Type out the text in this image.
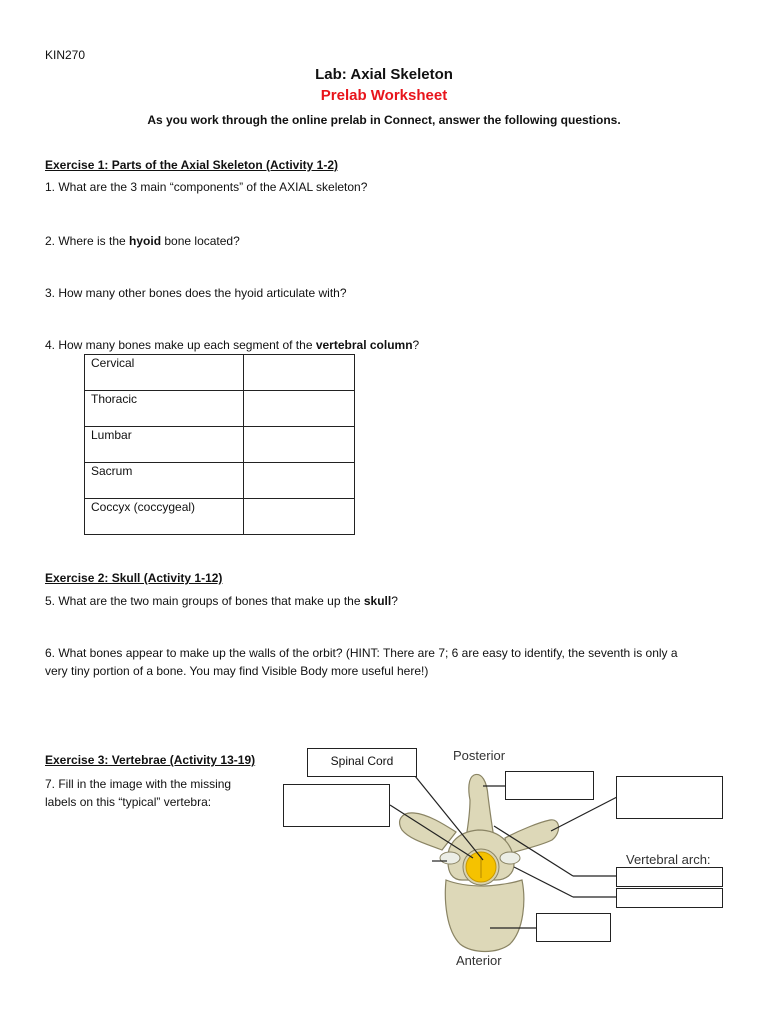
KIN270
Lab: Axial Skeleton
Prelab Worksheet
As you work through the online prelab in Connect, answer the following questions.
Exercise 1: Parts of the Axial Skeleton (Activity 1-2)
1. What are the 3 main “components” of the AXIAL skeleton?
2. Where is the hyoid bone located?
3. How many other bones does the hyoid articulate with?
4. How many bones make up each segment of the vertebral column?
Cervical	
Thoracic	
Lumbar	
Sacrum	
Coccyx (coccygeal)	
Exercise 2: Skull (Activity 1-12)
5. What are the two main groups of bones that make up the skull?
6. What bones appear to make up the walls of the orbit? (HINT: There are 7; 6 are easy to identify, the seventh is only a
very tiny portion of a bone. You may find Visible Body more useful here!)
Exercise 3: Vertebrae (Activity 13-19)
7. Fill in the image with the missing
labels on this “typical” vertebra:
Spinal Cord	Posterior
Vertebral arch:
Anterior
